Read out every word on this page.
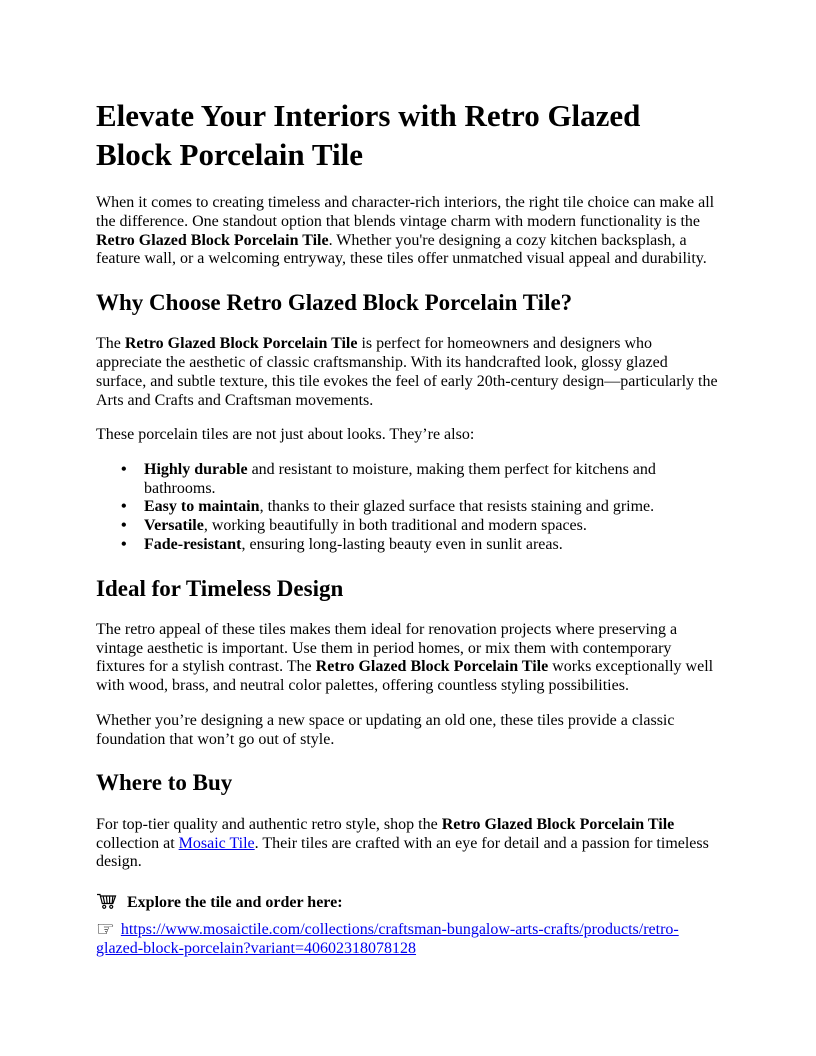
Elevate Your Interiors with Retro Glazed Block Porcelain Tile

When it comes to creating timeless and character-rich interiors, the right tile choice can make all the difference. One standout option that blends vintage charm with modern functionality is the Retro Glazed Block Porcelain Tile. Whether you're designing a cozy kitchen backsplash, a feature wall, or a welcoming entryway, these tiles offer unmatched visual appeal and durability.

Why Choose Retro Glazed Block Porcelain Tile?

The Retro Glazed Block Porcelain Tile is perfect for homeowners and designers who appreciate the aesthetic of classic craftsmanship. With its handcrafted look, glossy glazed surface, and subtle texture, this tile evokes the feel of early 20th-century design—particularly the Arts and Crafts and Craftsman movements.

These porcelain tiles are not just about looks. They’re also:

• Highly durable and resistant to moisture, making them perfect for kitchens and bathrooms.
• Easy to maintain, thanks to their glazed surface that resists staining and grime.
• Versatile, working beautifully in both traditional and modern spaces.
• Fade-resistant, ensuring long-lasting beauty even in sunlit areas.
Ideal for Timeless Design

The retro appeal of these tiles makes them ideal for renovation projects where preserving a vintage aesthetic is important. Use them in period homes, or mix them with contemporary fixtures for a stylish contrast. The Retro Glazed Block Porcelain Tile works exceptionally well with wood, brass, and neutral color palettes, offering countless styling possibilities.

Whether you’re designing a new space or updating an old one, these tiles provide a classic foundation that won’t go out of style.

Where to Buy

For top-tier quality and authentic retro style, shop the Retro Glazed Block Porcelain Tile collection at Mosaic Tile. Their tiles are crafted with an eye for detail and a passion for timeless design.

Explore the tile and order here:

☞ https://www.mosaictile.com/collections/craftsman-bungalow-arts-crafts/products/retro-glazed-block-porcelain?variant=40602318078128
